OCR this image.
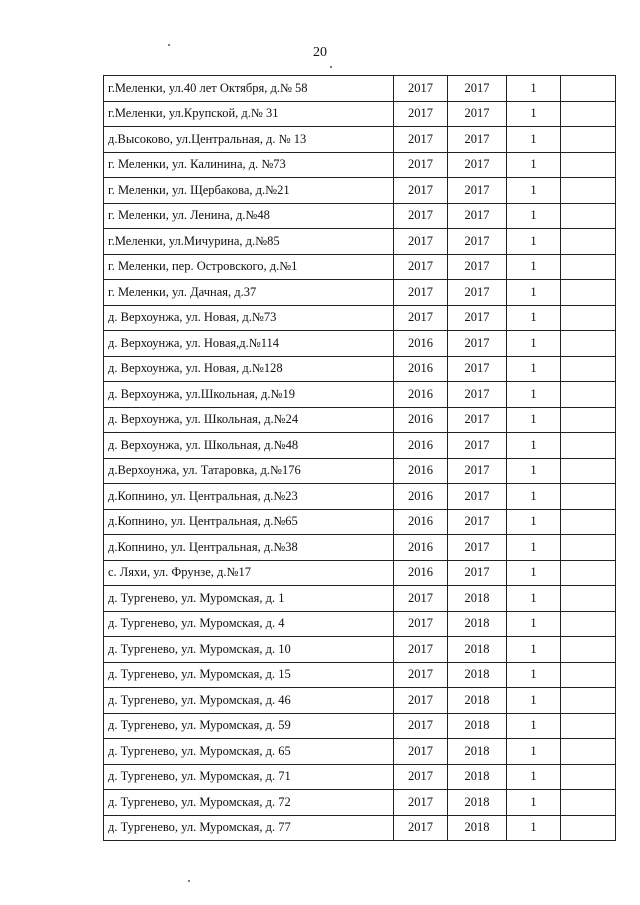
20
г.Меленки, ул.40 лет Октября, д.№ 58	2017	2017	1	
г.Меленки, ул.Крупской, д.№ 31	2017	2017	1	
д.Высоково, ул.Центральная, д. № 13	2017	2017	1	
г. Меленки, ул. Калинина, д. №73	2017	2017	1	
г. Меленки, ул. Щербакова, д.№21	2017	2017	1	
г. Меленки, ул. Ленина, д.№48	2017	2017	1	
г.Меленки, ул.Мичурина, д.№85	2017	2017	1	
г. Меленки, пер. Островского, д.№1	2017	2017	1	
г. Меленки, ул. Дачная, д.37	2017	2017	1	
д. Верхоунжа, ул. Новая, д.№73	2017	2017	1	
д. Верхоунжа, ул. Новая,д.№114	2016	2017	1	
д. Верхоунжа, ул. Новая, д.№128	2016	2017	1	
д. Верхоунжа, ул.Школьная, д.№19	2016	2017	1	
д. Верхоунжа, ул. Школьная, д.№24	2016	2017	1	
д. Верхоунжа, ул. Школьная, д.№48	2016	2017	1	
д.Верхоунжа, ул. Татаровка, д.№176	2016	2017	1	
д.Копнино, ул. Центральная, д.№23	2016	2017	1	
д.Копнино, ул. Центральная, д.№65	2016	2017	1	
д.Копнино, ул. Центральная, д.№38	2016	2017	1	
с. Ляхи, ул. Фрунзе, д.№17	2016	2017	1	
д. Тургенево, ул. Муромская, д. 1	2017	2018	1	
д. Тургенево, ул. Муромская, д. 4	2017	2018	1	
д. Тургенево, ул. Муромская, д. 10	2017	2018	1	
д. Тургенево, ул. Муромская, д. 15	2017	2018	1	
д. Тургенево, ул. Муромская, д. 46	2017	2018	1	
д. Тургенево, ул. Муромская, д. 59	2017	2018	1	
д. Тургенево, ул. Муромская, д. 65	2017	2018	1	
д. Тургенево, ул. Муромская, д. 71	2017	2018	1	
д. Тургенево, ул. Муромская, д. 72	2017	2018	1	
д. Тургенево, ул. Муромская, д. 77	2017	2018	1	
